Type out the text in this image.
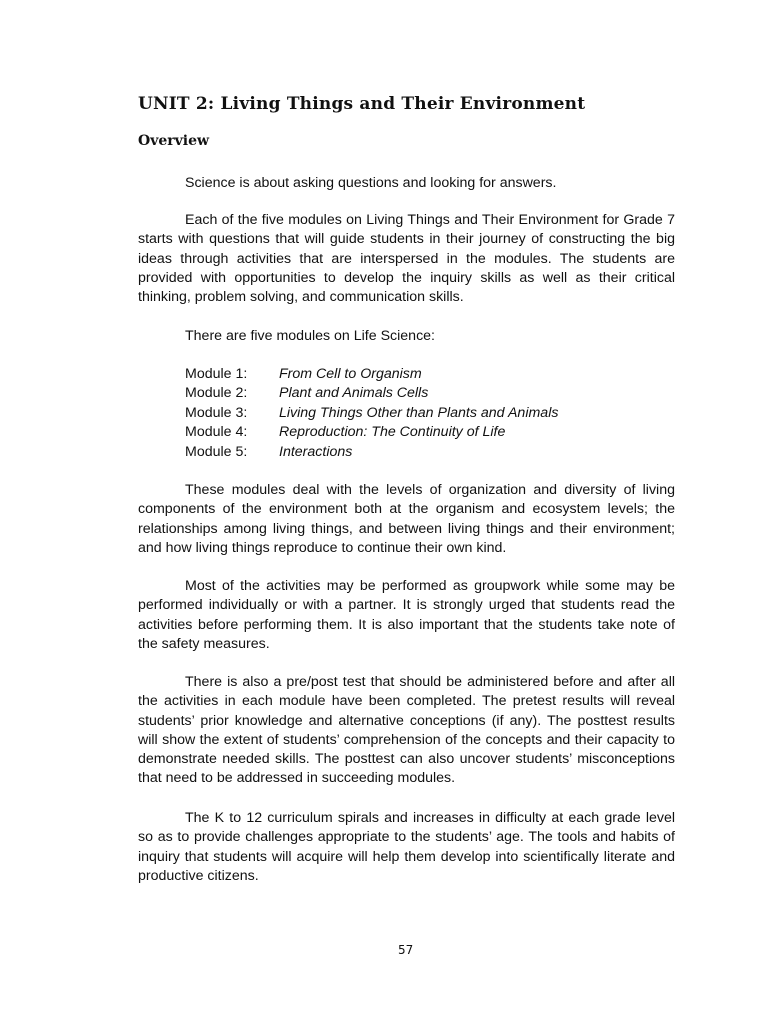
UNIT 2: Living Things and Their Environment
Overview

Science is about asking questions and looking for answers.

Each of the five modules on Living Things and Their Environment for Grade 7 starts with questions that will guide students in their journey of constructing the big ideas through activities that are interspersed in the modules. The students are provided with opportunities to develop the inquiry skills as well as their critical thinking, problem solving, and communication skills.

There are five modules on Life Science:

Module 1: From Cell to Organism
Module 2: Plant and Animals Cells
Module 3: Living Things Other than Plants and Animals
Module 4: Reproduction: The Continuity of Life
Module 5: Interactions

These modules deal with the levels of organization and diversity of living components of the environment both at the organism and ecosystem levels; the relationships among living things, and between living things and their environment; and how living things reproduce to continue their own kind.

Most of the activities may be performed as groupwork while some may be performed individually or with a partner. It is strongly urged that students read the activities before performing them. It is also important that the students take note of the safety measures.

There is also a pre/post test that should be administered before and after all the activities in each module have been completed. The pretest results will reveal students’ prior knowledge and alternative conceptions (if any). The posttest results will show the extent of students’ comprehension of the concepts and their capacity to demonstrate needed skills. The posttest can also uncover students’ misconceptions that need to be addressed in succeeding modules.

The K to 12 curriculum spirals and increases in difficulty at each grade level so as to provide challenges appropriate to the students’ age. The tools and habits of inquiry that students will acquire will help them develop into scientifically literate and productive citizens.

57
